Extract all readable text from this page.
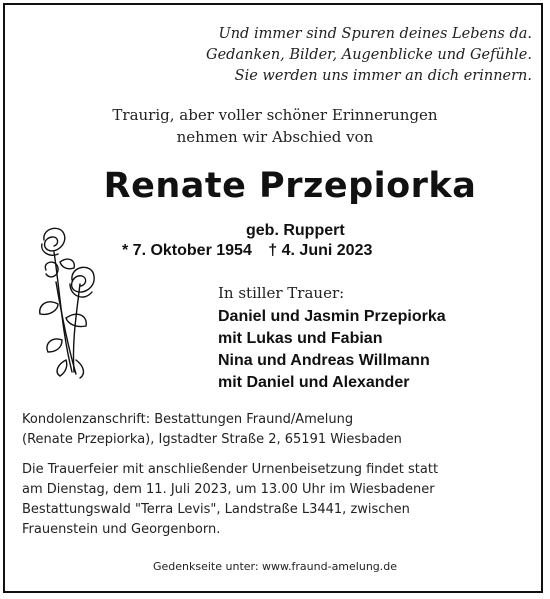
Und immer sind Spuren deines Lebens da.
Gedanken, Bilder, Augenblicke und Gefühle.
Sie werden uns immer an dich erinnern.
Traurig, aber voller schöner Erinnerungen
nehmen wir Abschied von
Renate Przepiorka
geb. Ruppert
* 7. Oktober 1954 † 4. Juni 2023
In stiller Trauer:
Daniel und Jasmin Przepiorka
mit Lukas und Fabian
Nina und Andreas Willmann
mit Daniel und Alexander
Kondolenzanschrift: Bestattungen Fraund/Amelung
(Renate Przepiorka), Igstadter Straße 2, 65191 Wiesbaden
Die Trauerfeier mit anschließender Urnenbeisetzung findet statt
am Dienstag, dem 11. Juli 2023, um 13.00 Uhr im Wiesbadener
Bestattungswald "Terra Levis", Landstraße L3441, zwischen
Frauenstein und Georgenborn.
Gedenkseite unter: www.fraund-amelung.de
